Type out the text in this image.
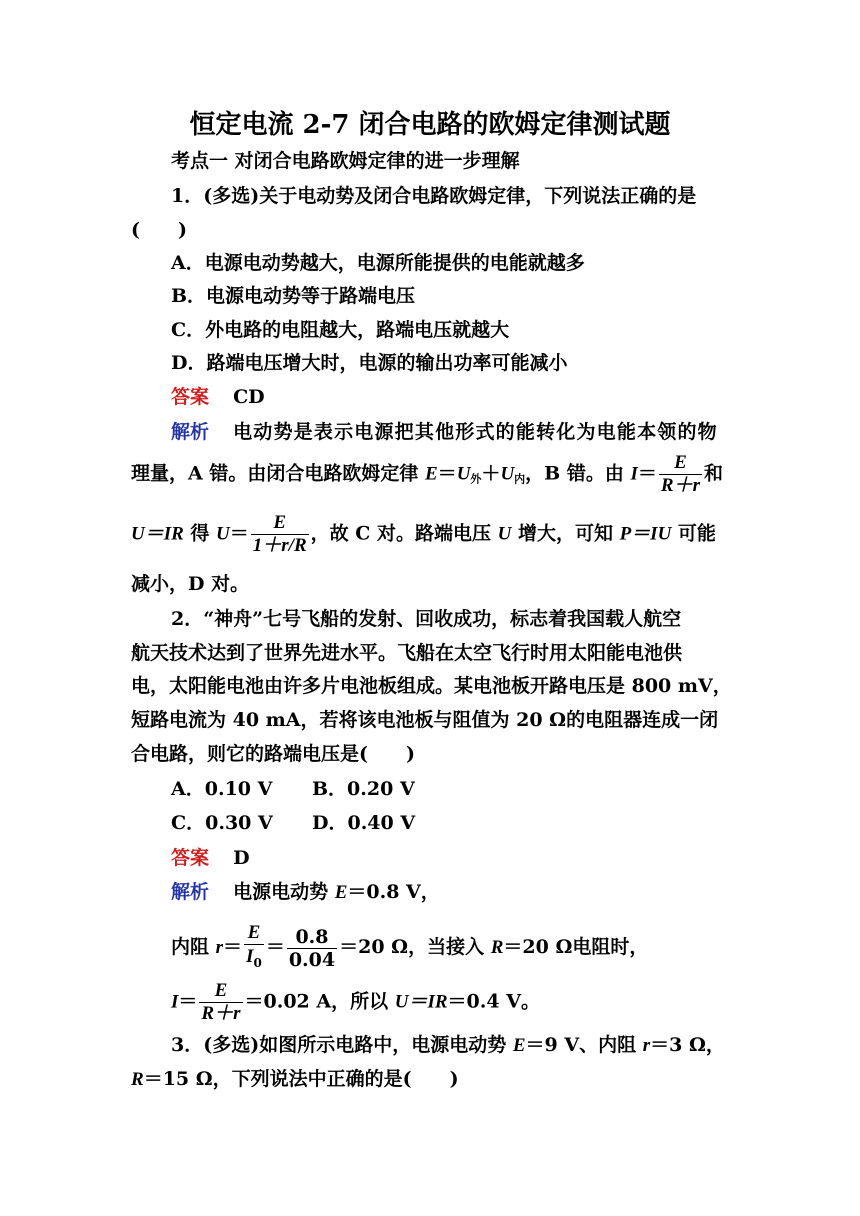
恒定电流 2-7 闭合电路的欧姆定律测试题
考点一 对闭合电路欧姆定律的进一步理解
1．(多选)关于电动势及闭合电路欧姆定律，下列说法正确的是
(　　)
A．电源电动势越大，电源所能提供的电能就越多
B．电源电动势等于路端电压
C．外电路的电阻越大，路端电压就越大
D．路端电压增大时，电源的输出功率可能减小
答案 CD
解析 电动势是表示电源把其他形式的能转化为电能本领的物
理量，A 错。由闭合电路欧姆定律 $E=U_外+U_内$，B 错。由 $I= \frac{E}{R+r}$ 和
U＝IR 得 $U= \frac{E}{1+r/R}$ ，故 C 对。路端电压 U 增大，可知 P＝IU 可能
减小，D 对。
2．“神舟”七号飞船的发射、回收成功，标志着我国载人航空
航天技术达到了世界先进水平。飞船在太空飞行时用太阳能电池供
电，太阳能电池由许多片电池板组成。某电池板开路电压是 800 mV，
短路电流为 40 mA，若将该电池板与阻值为 20 Ω的电阻器连成一闭
合电路，则它的路端电压是(　　)
A．0.10 V B．0.20 V
C．0.30 V D．0.40 V
答案 D
解析 电源电动势 E＝0.8 V，
内阻 $r= \frac{E}{I_0} = \frac{0.8}{0.04} =20$ Ω，当接入 R＝20 Ω电阻时，
$I= \frac{E}{R+r} =0.02$ A，所以 U＝IR＝0.4 V。
3．(多选)如图所示电路中，电源电动势 E＝9 V、内阻 r＝3 Ω，
R＝15 Ω，下列说法中正确的是(　　)
